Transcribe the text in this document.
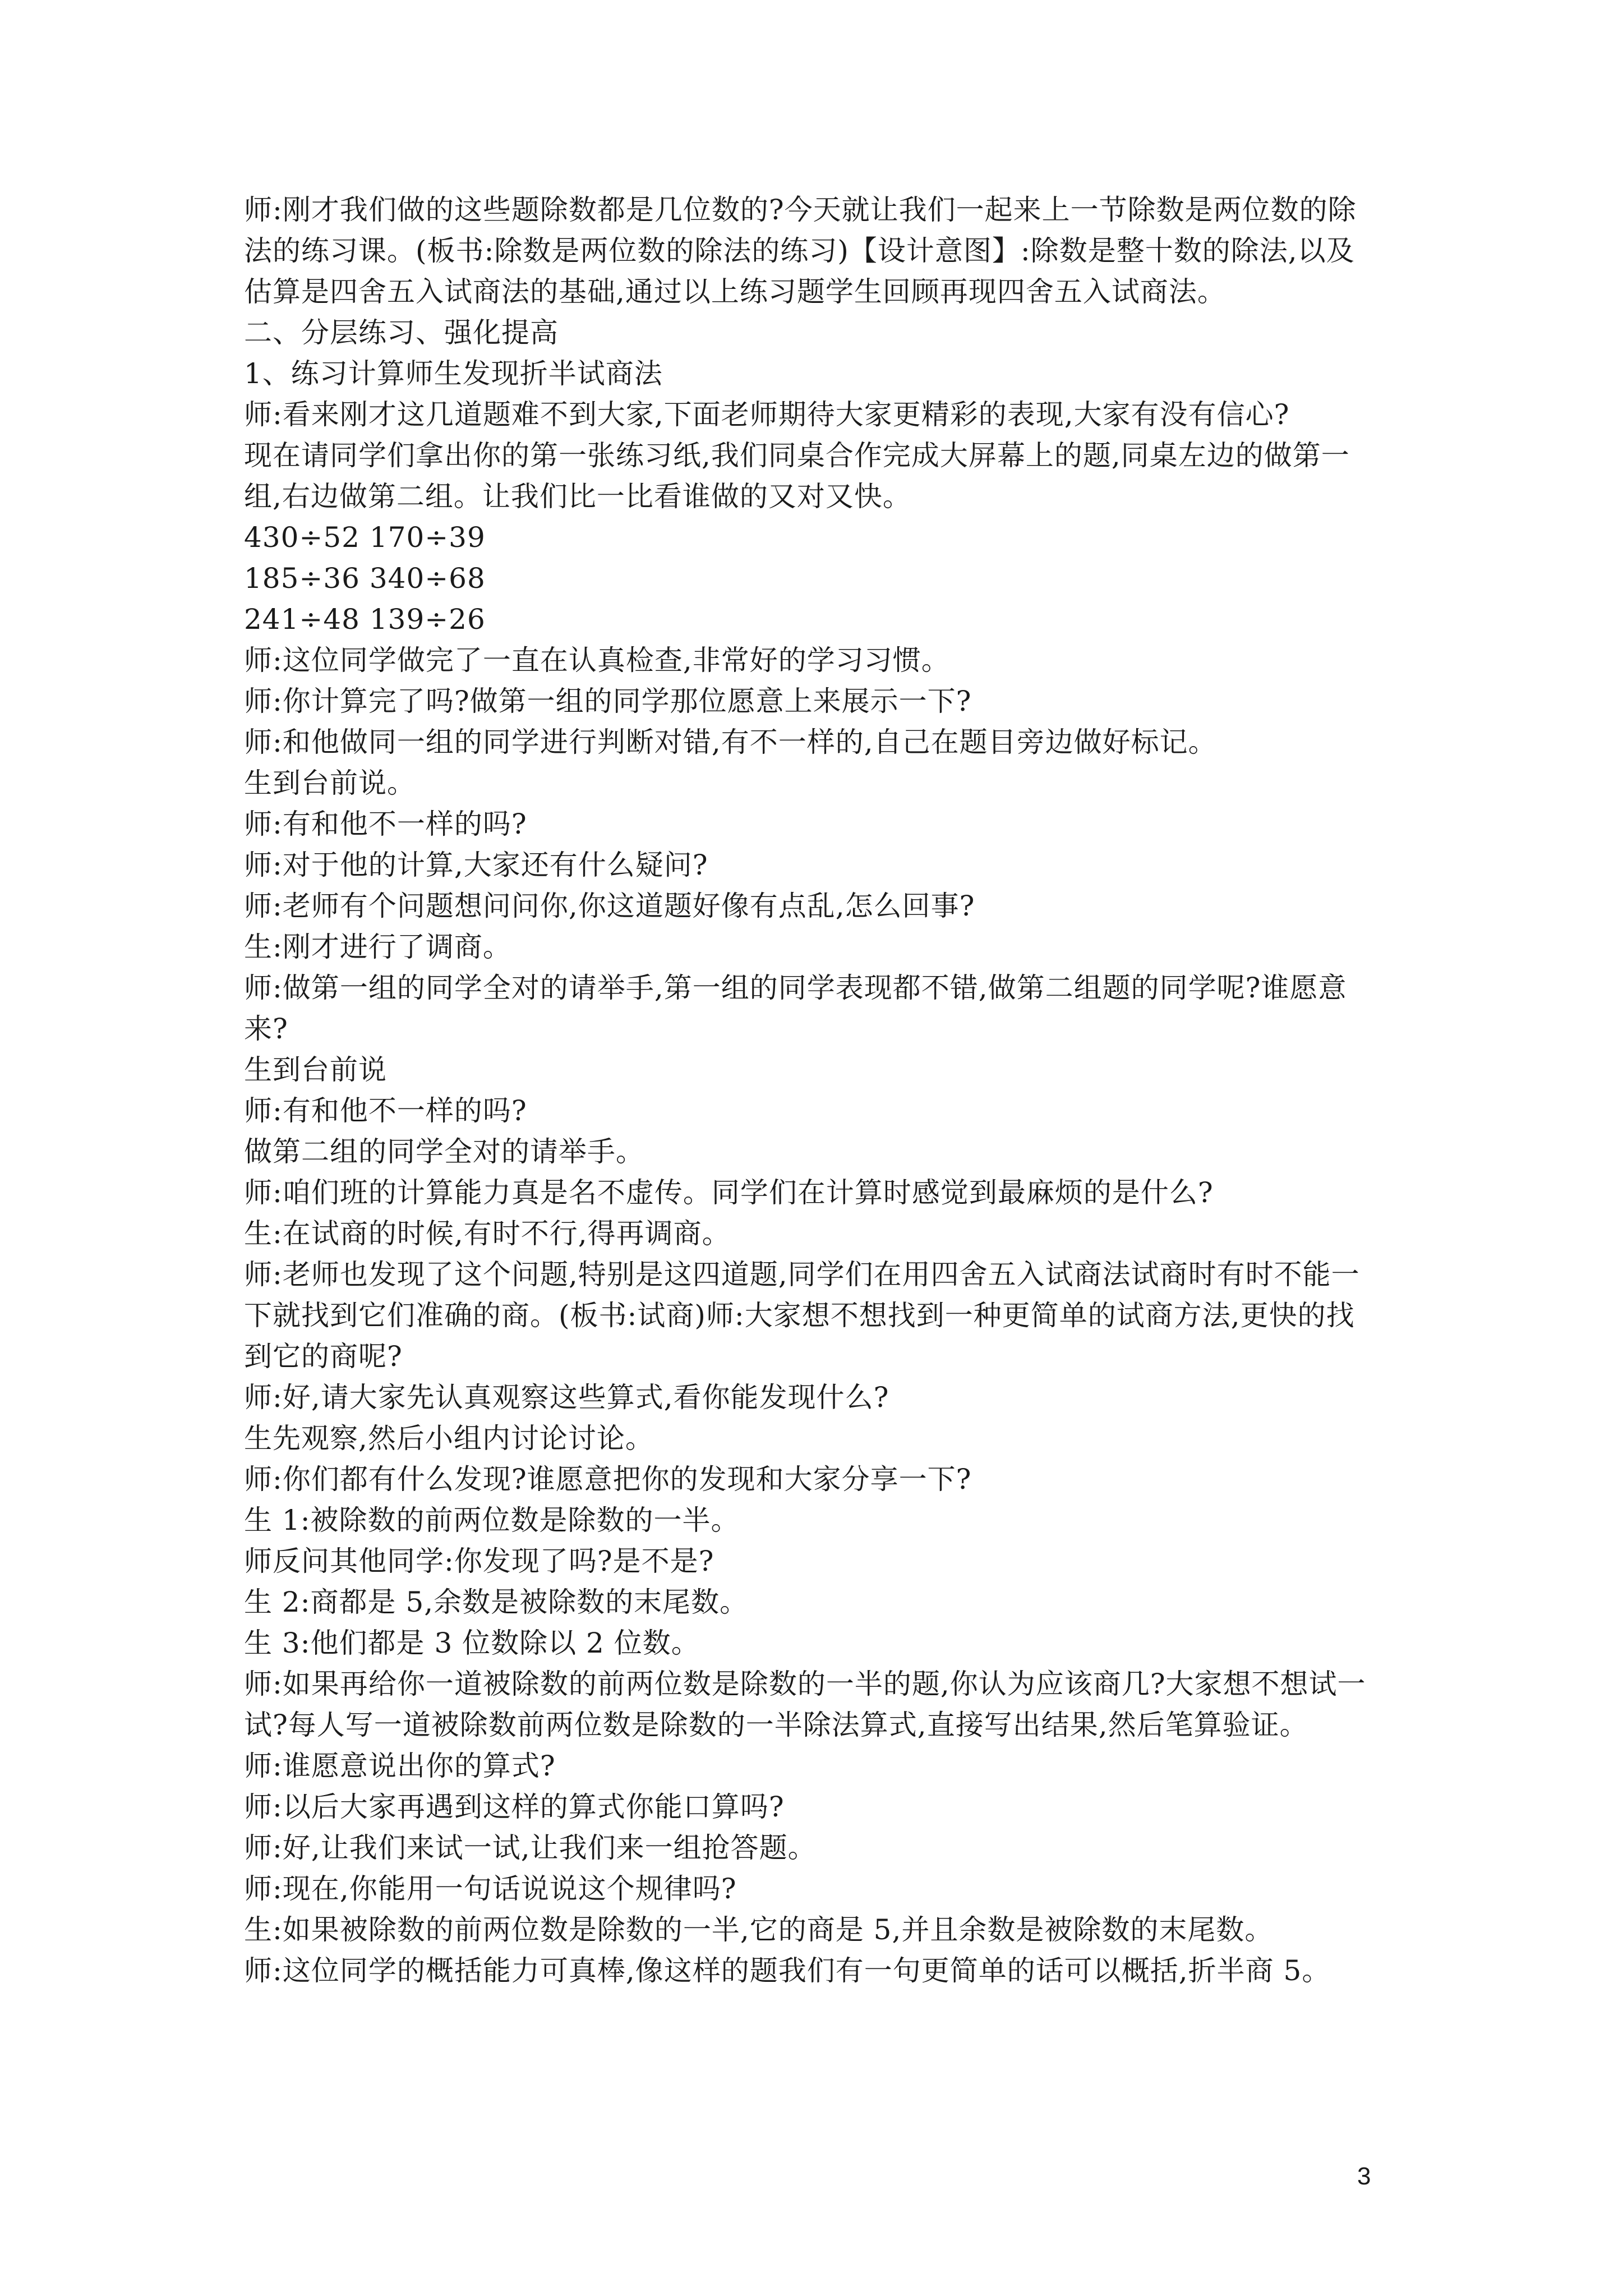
师:刚才我们做的这些题除数都是几位数的?今天就让我们一起来上一节除数是两位数的除
法的练习课。(板书:除数是两位数的除法的练习)【设计意图】:除数是整十数的除法,以及
估算是四舍五入试商法的基础,通过以上练习题学生回顾再现四舍五入试商法。
二、分层练习、强化提高
1、练习计算师生发现折半试商法
师:看来刚才这几道题难不到大家,下面老师期待大家更精彩的表现,大家有没有信心?
现在请同学们拿出你的第一张练习纸,我们同桌合作完成大屏幕上的题,同桌左边的做第一
组,右边做第二组。让我们比一比看谁做的又对又快。
430÷52 170÷39
185÷36 340÷68
241÷48 139÷26
师:这位同学做完了一直在认真检查,非常好的学习习惯。
师:你计算完了吗?做第一组的同学那位愿意上来展示一下?
师:和他做同一组的同学进行判断对错,有不一样的,自己在题目旁边做好标记。
生到台前说。
师:有和他不一样的吗?
师:对于他的计算,大家还有什么疑问?
师:老师有个问题想问问你,你这道题好像有点乱,怎么回事?
生:刚才进行了调商。
师:做第一组的同学全对的请举手,第一组的同学表现都不错,做第二组题的同学呢?谁愿意
来?
生到台前说
师:有和他不一样的吗?
做第二组的同学全对的请举手。
师:咱们班的计算能力真是名不虚传。同学们在计算时感觉到最麻烦的是什么?
生:在试商的时候,有时不行,得再调商。
师:老师也发现了这个问题,特别是这四道题,同学们在用四舍五入试商法试商时有时不能一
下就找到它们准确的商。(板书:试商)师:大家想不想找到一种更简单的试商方法,更快的找
到它的商呢?
师:好,请大家先认真观察这些算式,看你能发现什么?
生先观察,然后小组内讨论讨论。
师:你们都有什么发现?谁愿意把你的发现和大家分享一下?
生 1:被除数的前两位数是除数的一半。
师反问其他同学:你发现了吗?是不是?
生 2:商都是 5,余数是被除数的末尾数。
生 3:他们都是 3 位数除以 2 位数。
师:如果再给你一道被除数的前两位数是除数的一半的题,你认为应该商几?大家想不想试一
试?每人写一道被除数前两位数是除数的一半除法算式,直接写出结果,然后笔算验证。
师:谁愿意说出你的算式?
师:以后大家再遇到这样的算式你能口算吗?
师:好,让我们来试一试,让我们来一组抢答题。
师:现在,你能用一句话说说这个规律吗?
生:如果被除数的前两位数是除数的一半,它的商是 5,并且余数是被除数的末尾数。
师:这位同学的概括能力可真棒,像这样的题我们有一句更简单的话可以概括,折半商 5。
3
